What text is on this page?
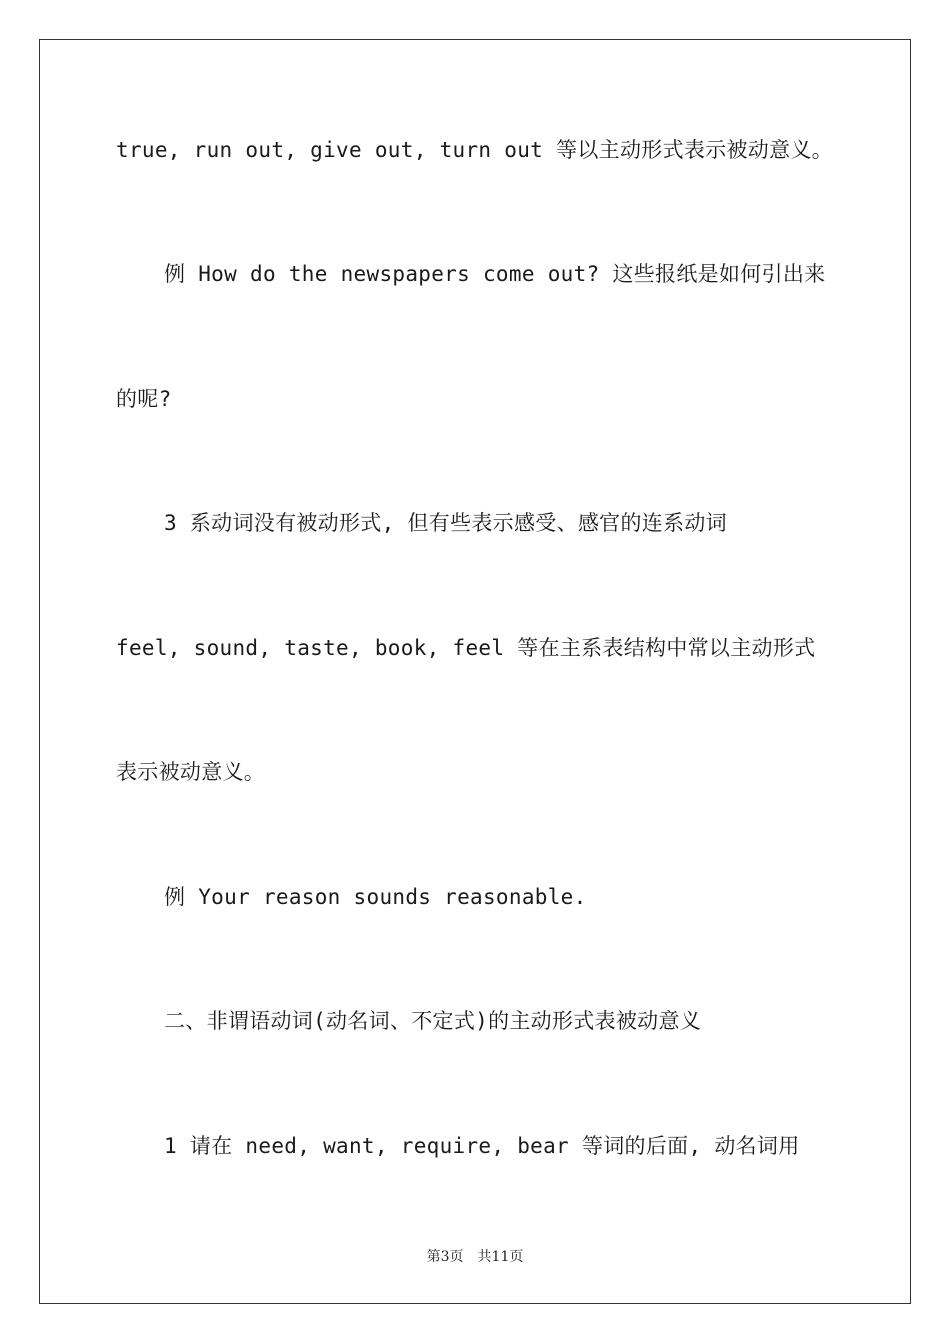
true, run out, give out, turn out 等以主动形式表示被动意义。
例 How do the newspapers come out? 这些报纸是如何引出来
的呢?
3 系动词没有被动形式, 但有些表示感受、感官的连系动词
feel, sound, taste, book, feel 等在主系表结构中常以主动形式
表示被动意义。
例 Your reason sounds reasonable.
二、非谓语动词(动名词、不定式)的主动形式表被动意义
1 请在 need, want, require, bear 等词的后面, 动名词用
第3页　共11页
